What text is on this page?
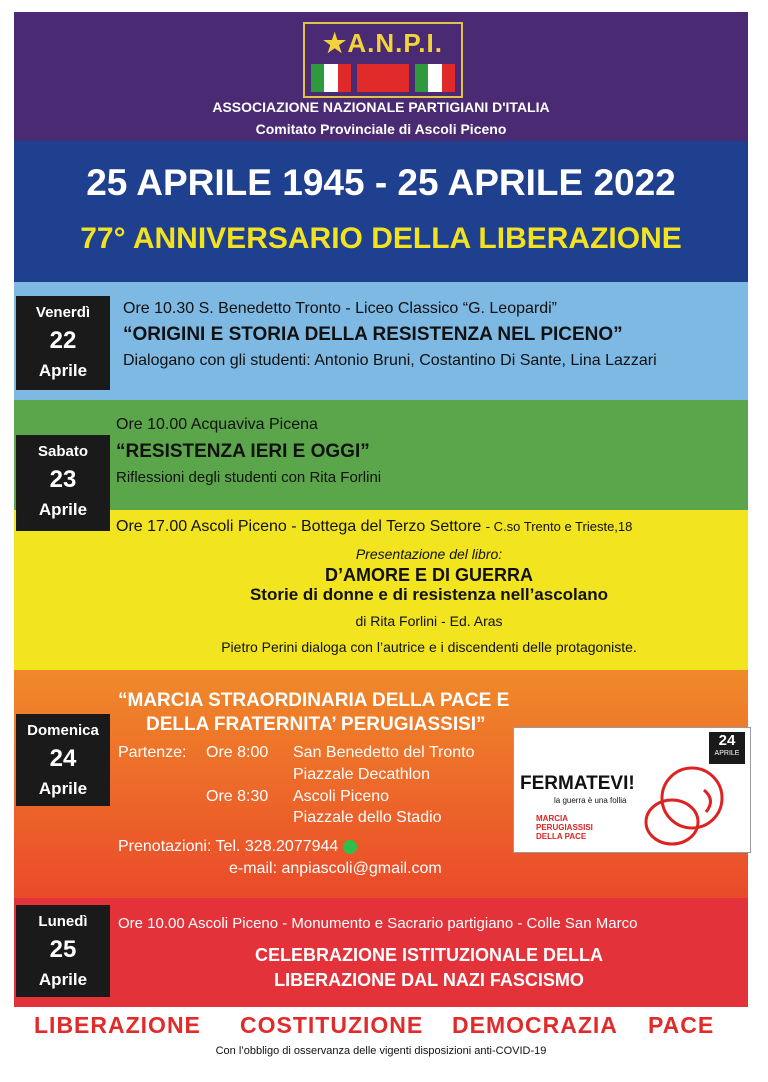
★A.N.P.I.
ASSOCIAZIONE NAZIONALE PARTIGIANI D'ITALIA
Comitato Provinciale di Ascoli Piceno
25 APRILE 1945 - 25 APRILE 2022
77° ANNIVERSARIO DELLA LIBERAZIONE
Venerdì
22
Aprile
Ore 10.30 S. Benedetto Tronto - Liceo Classico “G. Leopardi”
“ORIGINI E STORIA DELLA RESISTENZA NEL PICENO”
Dialogano con gli studenti: Antonio Bruni, Costantino Di Sante, Lina Lazzari
Sabato
23
Aprile
Ore 10.00 Acquaviva Picena
“RESISTENZA IERI E OGGI”
Riflessioni degli studenti con Rita Forlini
Ore 17.00 Ascoli Piceno - Bottega del Terzo Settore - C.so Trento e Trieste,18
Presentazione del libro:
D’AMORE E DI GUERRA
Storie di donne e di resistenza nell’ascolano
di Rita Forlini - Ed. Aras
Pietro Perini dialoga con l’autrice e i discendenti delle protagoniste.
Domenica
24
Aprile
“MARCIA STRAORDINARIA DELLA PACE E
DELLA FRATERNITA’ PERUGIASSISI”
Partenze: Ore 8:00 San Benedetto del Tronto
Piazzale Decathlon
Ore 8:30 Ascoli Piceno
Piazzale dello Stadio
Prenotazioni: Tel. 328.2077944
e-mail: anpiascoli@gmail.com
24
APRILE
FERMATEVI!
la guerra è una follia
MARCIA
PERUGIASSISI
DELLA PACE
Lunedì
25
Aprile
Ore 10.00 Ascoli Piceno - Monumento e Sacrario partigiano - Colle San Marco
CELEBRAZIONE ISTITUZIONALE DELLA
LIBERAZIONE DAL NAZI FASCISMO
LIBERAZIONE COSTITUZIONE DEMOCRAZIA PACE
Con l’obbligo di osservanza delle vigenti disposizioni anti-COVID-19
